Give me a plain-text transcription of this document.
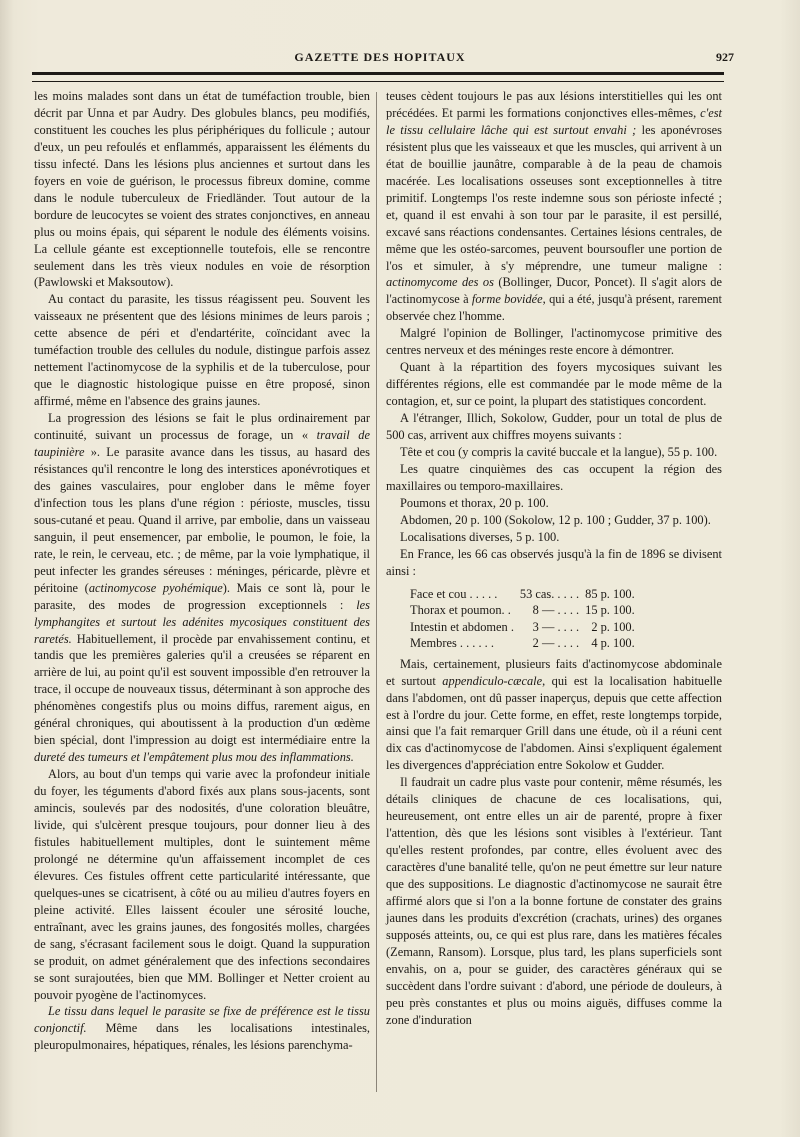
GAZETTE DES HOPITAUX	927

les moins malades sont dans un état de tuméfaction trouble, bien décrit par Unna et par Audry. Des globules blancs, peu modifiés, constituent les couches les plus périphériques du follicule ; autour d'eux, un peu refoulés et enflammés, apparaissent les éléments du tissu infecté. Dans les lésions plus anciennes et surtout dans les foyers en voie de guérison, le processus fibreux domine, comme dans le nodule tuberculeux de Friedländer. Tout autour de la bordure de leucocytes se voient des strates conjonctives, en anneau plus ou moins épais, qui séparent le nodule des éléments voisins. La cellule géante est exceptionnelle toutefois, elle se rencontre seulement dans les très vieux nodules en voie de résorption (Pawlowski et Maksoutow).

Au contact du parasite, les tissus réagissent peu. Souvent les vaisseaux ne présentent que des lésions minimes de leurs parois ; cette absence de péri et d'endartérite, coïncidant avec la tuméfaction trouble des cellules du nodule, distingue parfois assez nettement l'actinomycose de la syphilis et de la tuberculose, pour que le diagnostic histologique puisse en être proposé, sinon affirmé, même en l'absence des grains jaunes.

La progression des lésions se fait le plus ordinairement par continuité, suivant un processus de forage, un « travail de taupinière ». Le parasite avance dans les tissus, au hasard des résistances qu'il rencontre le long des interstices aponévrotiques et des gaines vasculaires, pour englober dans le même foyer d'infection tous les plans d'une région : périoste, muscles, tissu sous-cutané et peau. Quand il arrive, par embolie, dans un vaisseau sanguin, il peut ensemencer, par embolie, le poumon, le foie, la rate, le rein, le cerveau, etc. ; de même, par la voie lymphatique, il peut infecter les grandes séreuses : méninges, péricarde, plèvre et péritoine (actinomycose pyohémique). Mais ce sont là, pour le parasite, des modes de progression exceptionnels : les lymphangites et surtout les adénites mycosiques constituent des raretés. Habituellement, il procède par envahissement continu, et tandis que les premières galeries qu'il a creusées se réparent en arrière de lui, au point qu'il est souvent impossible d'en retrouver la trace, il occupe de nouveaux tissus, déterminant à son approche des phénomènes congestifs plus ou moins diffus, rarement aigus, en général chroniques, qui aboutissent à la production d'un œdème bien spécial, dont l'impression au doigt est intermédiaire entre la dureté des tumeurs et l'empâtement plus mou des inflammations.

Alors, au bout d'un temps qui varie avec la profondeur initiale du foyer, les téguments d'abord fixés aux plans sous-jacents, sont amincis, soulevés par des nodosités, d'une coloration bleuâtre, livide, qui s'ulcèrent presque toujours, pour donner lieu à des fistules habituellement multiples, dont le suintement même prolongé ne détermine qu'un affaissement incomplet de ces élevures. Ces fistules offrent cette particularité intéressante, que quelques-unes se cicatrisent, à côté ou au milieu d'autres foyers en pleine activité. Elles laissent écouler une sérosité louche, entraînant, avec les grains jaunes, des fongosités molles, chargées de sang, s'écrasant facilement sous le doigt. Quand la suppuration se produit, on admet généralement que des infections secondaires se sont surajoutées, bien que MM. Bollinger et Netter croient au pouvoir pyogène de l'actinomyces.

Le tissu dans lequel le parasite se fixe de préférence est le tissu conjonctif. Même dans les localisations intestinales, pleuropulmonaires, hépatiques, rénales, les lésions parenchyma-

teuses cèdent toujours le pas aux lésions interstitielles qui les ont précédées. Et parmi les formations conjonctives elles-mêmes, c'est le tissu cellulaire lâche qui est surtout envahi ; les aponévroses résistent plus que les vaisseaux et que les muscles, qui arrivent à un état de bouillie jaunâtre, comparable à de la peau de chamois macérée. Les localisations osseuses sont exceptionnelles à titre primitif. Longtemps l'os reste indemne sous son périoste infecté ; et, quand il est envahi à son tour par le parasite, il est persillé, excavé sans réactions condensantes. Certaines lésions centrales, de même que les ostéo-sarcomes, peuvent boursoufler une portion de l'os et simuler, à s'y méprendre, une tumeur maligne : actinomycome des os (Bollinger, Ducor, Poncet). Il s'agit alors de l'actinomycose à forme bovidée, qui a été, jusqu'à présent, rarement observée chez l'homme.

Malgré l'opinion de Bollinger, l'actinomycose primitive des centres nerveux et des méninges reste encore à démontrer.

Quant à la répartition des foyers mycosiques suivant les différentes régions, elle est commandée par le mode même de la contagion, et, sur ce point, la plupart des statistiques concordent.

A l'étranger, Illich, Sokolow, Gudder, pour un total de plus de 500 cas, arrivent aux chiffres moyens suivants :

Tête et cou (y compris la cavité buccale et la langue), 55 p. 100.

Les quatre cinquièmes des cas occupent la région des maxillaires ou temporo-maxillaires.

Poumons et thorax, 20 p. 100.

Abdomen, 20 p. 100 (Sokolow, 12 p. 100 ; Gudder, 37 p. 100).

Localisations diverses, 5 p. 100.

En France, les 66 cas observés jusqu'à la fin de 1896 se divisent ainsi :

Face et cou . . . . .	53 cas. . . . .	85 p. 100.
Thorax et poumon. .	8 — . . . .	15 p. 100.
Intestin et abdomen .	3 — . . . .	2 p. 100.
Membres . . . . . .	2 — . . . .	4 p. 100.

Mais, certainement, plusieurs faits d'actinomycose abdominale et surtout appendiculo-cæcale, qui est la localisation habituelle dans l'abdomen, ont dû passer inaperçus, depuis que cette affection est à l'ordre du jour. Cette forme, en effet, reste longtemps torpide, ainsi que l'a fait remarquer Grill dans une étude, où il a réuni cent dix cas d'actinomycose de l'abdomen. Ainsi s'expliquent également les divergences d'appréciation entre Sokolow et Gudder.

Il faudrait un cadre plus vaste pour contenir, même résumés, les détails cliniques de chacune de ces localisations, qui, heureusement, ont entre elles un air de parenté, propre à fixer l'attention, dès que les lésions sont visibles à l'extérieur. Tant qu'elles restent profondes, par contre, elles évoluent avec des caractères d'une banalité telle, qu'on ne peut émettre sur leur nature que des suppositions. Le diagnostic d'actinomycose ne saurait être affirmé alors que si l'on a la bonne fortune de constater des grains jaunes dans les produits d'excrétion (crachats, urines) des organes supposés atteints, ou, ce qui est plus rare, dans les matières fécales (Zemann, Ransom). Lorsque, plus tard, les plans superficiels sont envahis, on a, pour se guider, des caractères généraux qui se succèdent dans l'ordre suivant : d'abord, une période de douleurs, à peu près constantes et plus ou moins aiguës, diffuses comme la zone d'induration
